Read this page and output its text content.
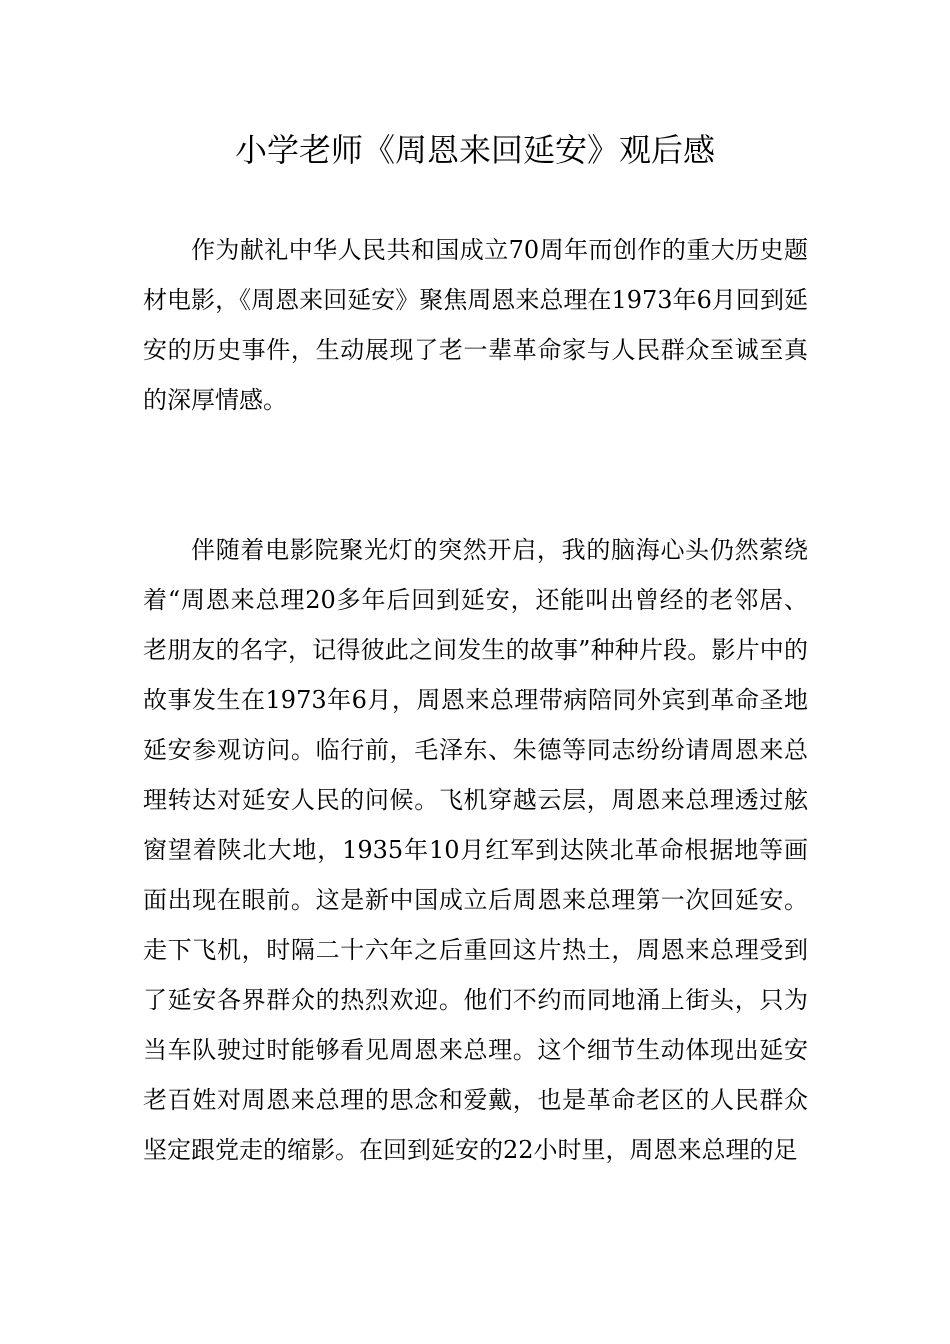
小学老师《周恩来回延安》观后感

作为献礼中华人民共和国成立70周年而创作的重大历史题材电影，《周恩来回延安》聚焦周恩来总理在1973年6月回到延安的历史事件，生动展现了老一辈革命家与人民群众至诚至真的深厚情感。

伴随着电影院聚光灯的突然开启，我的脑海心头仍然萦绕着“周恩来总理20多年后回到延安，还能叫出曾经的老邻居、老朋友的名字，记得彼此之间发生的故事”种种片段。影片中的故事发生在1973年6月，周恩来总理带病陪同外宾到革命圣地延安参观访问。临行前，毛泽东、朱德等同志纷纷请周恩来总理转达对延安人民的问候。飞机穿越云层，周恩来总理透过舷窗望着陕北大地，1935年10月红军到达陕北革命根据地等画面出现在眼前。这是新中国成立后周恩来总理第一次回延安。走下飞机，时隔二十六年之后重回这片热土，周恩来总理受到了延安各界群众的热烈欢迎。他们不约而同地涌上街头，只为当车队驶过时能够看见周恩来总理。这个细节生动体现出延安老百姓对周恩来总理的思念和爱戴，也是革命老区的人民群众坚定跟党走的缩影。在回到延安的22小时里，周恩来总理的足
